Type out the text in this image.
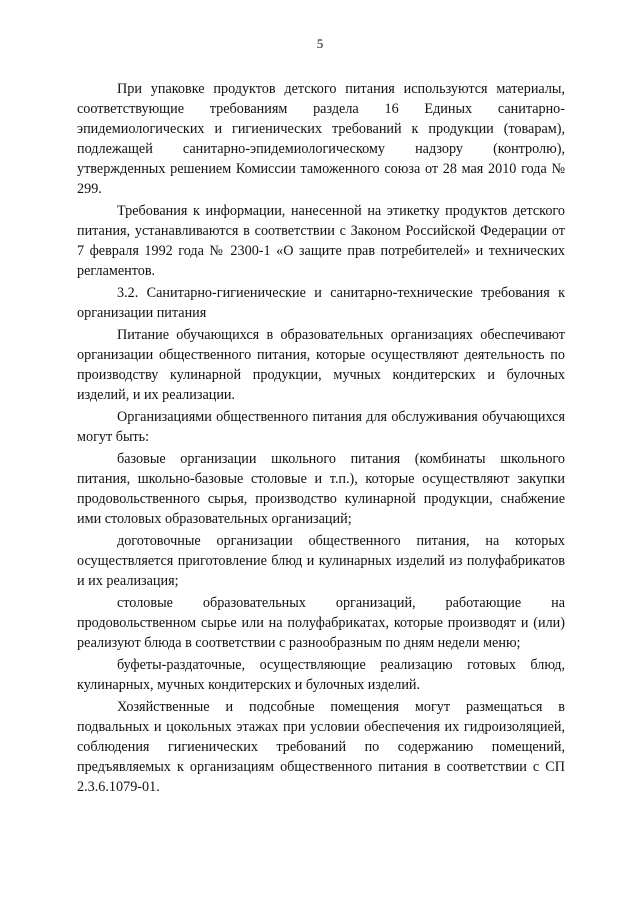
5

При упаковке продуктов детского питания используются материалы, соответствующие требованиям раздела 16 Единых санитарно-эпидемиологических и гигиенических требований к продукции (товарам), подлежащей санитарно-эпидемиологическому надзору (контролю), утвержденных решением Комиссии таможенного союза от 28 мая 2010 года № 299.

Требования к информации, нанесенной на этикетку продуктов детского питания, устанавливаются в соответствии с Законом Российской Федерации от 7 февраля 1992 года № 2300-1 «О защите прав потребителей» и технических регламентов.

3.2. Санитарно-гигиенические и санитарно-технические требования к организации питания

Питание обучающихся в образовательных организациях обеспечивают организации общественного питания, которые осуществляют деятельность по производству кулинарной продукции, мучных кондитерских и булочных изделий, и их реализации.

Организациями общественного питания для обслуживания обучающихся могут быть:

базовые организации школьного питания (комбинаты школьного питания, школьно-базовые столовые и т.п.), которые осуществляют закупки продовольственного сырья, производство кулинарной продукции, снабжение ими столовых образовательных организаций;

доготовочные организации общественного питания, на которых осуществляется приготовление блюд и кулинарных изделий из полуфабрикатов и их реализация;

столовые образовательных организаций, работающие на продовольственном сырье или на полуфабрикатах, которые производят и (или) реализуют блюда в соответствии с разнообразным по дням недели меню;

буфеты-раздаточные, осуществляющие реализацию готовых блюд, кулинарных, мучных кондитерских и булочных изделий.

Хозяйственные и подсобные помещения могут размещаться в подвальных и цокольных этажах при условии обеспечения их гидроизоляцией, соблюдения гигиенических требований по содержанию помещений, предъявляемых к организациям общественного питания в соответствии с СП 2.3.6.1079-01.
